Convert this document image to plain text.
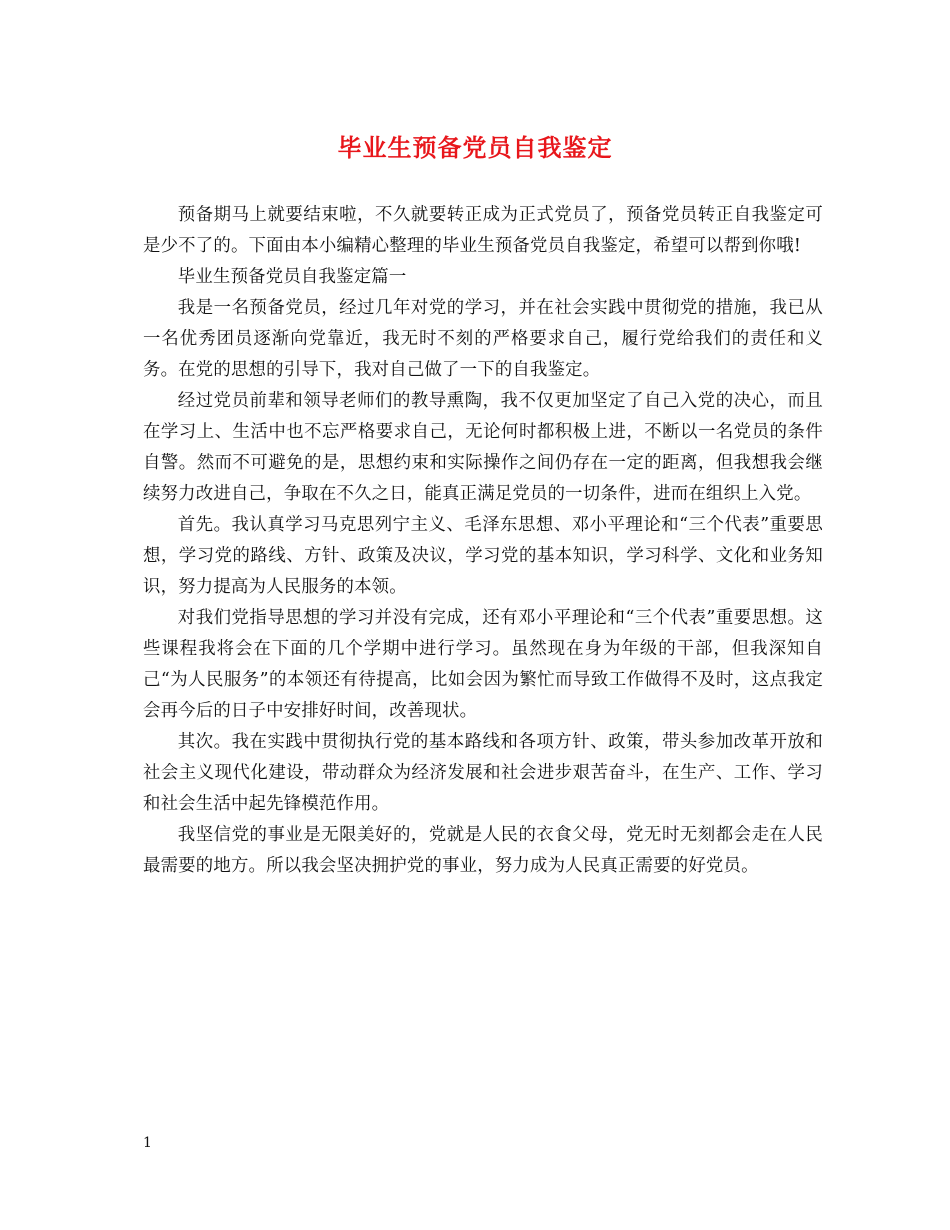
毕业生预备党员自我鉴定

预备期马上就要结束啦，不久就要转正成为正式党员了，预备党员转正自我鉴定可是少不了的。下面由本小编精心整理的毕业生预备党员自我鉴定，希望可以帮到你哦!

毕业生预备党员自我鉴定篇一

我是一名预备党员，经过几年对党的学习，并在社会实践中贯彻党的措施，我已从一名优秀团员逐渐向党靠近，我无时不刻的严格要求自己，履行党给我们的责任和义务。在党的思想的引导下，我对自己做了一下的自我鉴定。

经过党员前辈和领导老师们的教导熏陶，我不仅更加坚定了自己入党的决心，而且在学习上、生活中也不忘严格要求自己，无论何时都积极上进，不断以一名党员的条件自警。然而不可避免的是，思想约束和实际操作之间仍存在一定的距离，但我想我会继续努力改进自己，争取在不久之日，能真正满足党员的一切条件，进而在组织上入党。

首先。我认真学习马克思列宁主义、毛泽东思想、邓小平理论和“三个代表”重要思想，学习党的路线、方针、政策及决议，学习党的基本知识，学习科学、文化和业务知识，努力提高为人民服务的本领。

对我们党指导思想的学习并没有完成，还有邓小平理论和“三个代表”重要思想。这些课程我将会在下面的几个学期中进行学习。虽然现在身为年级的干部，但我深知自己“为人民服务”的本领还有待提高，比如会因为繁忙而导致工作做得不及时，这点我定会再今后的日子中安排好时间，改善现状。

其次。我在实践中贯彻执行党的基本路线和各项方针、政策，带头参加改革开放和社会主义现代化建设，带动群众为经济发展和社会进步艰苦奋斗，在生产、工作、学习和社会生活中起先锋模范作用。

我坚信党的事业是无限美好的，党就是人民的衣食父母，党无时无刻都会走在人民最需要的地方。所以我会坚决拥护党的事业，努力成为人民真正需要的好党员。

1
